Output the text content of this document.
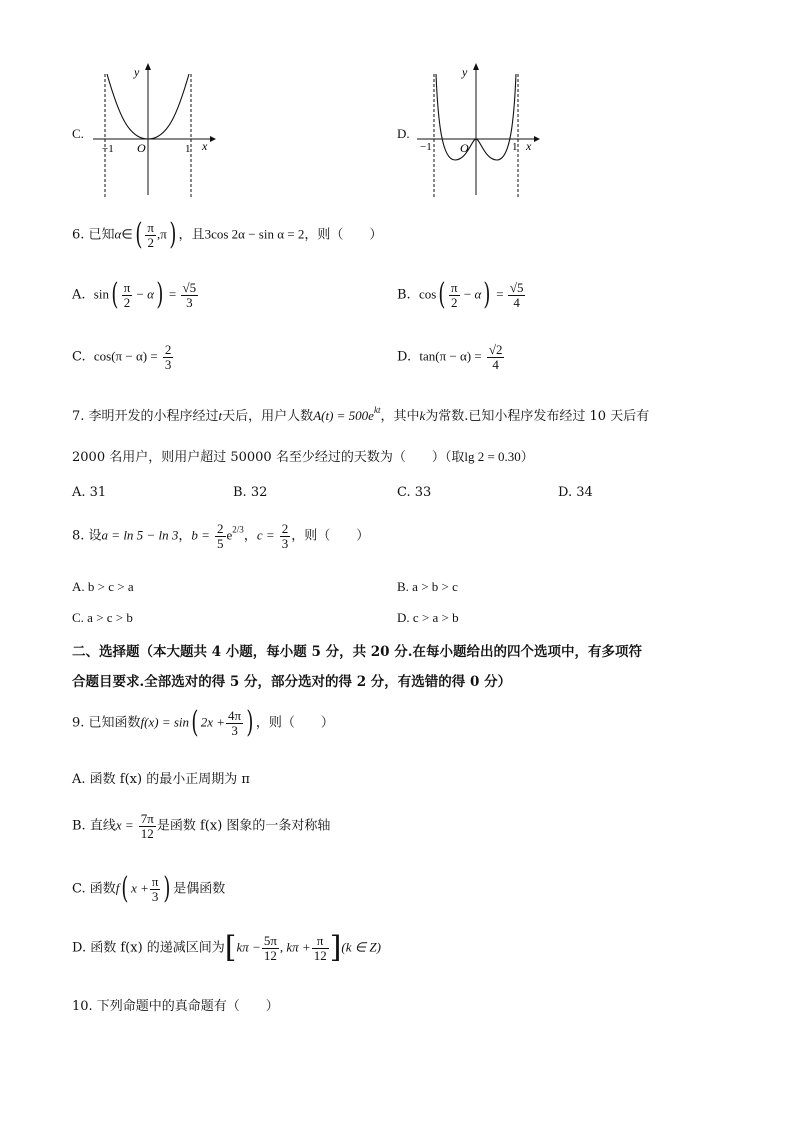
C.
y
x
O
−1	1
D.
y
x
O
−1	1
6. 已知α∈( $\frac{\pi}{2} ,\pi$) ，且3cos 2α − sin α = 2，则（　　）
A. $\sin( \frac{\pi}{2} - \alpha) = \frac{√5}{3}$	B. $\cos( \frac{\pi}{2} - \alpha) = \frac{√5}{4}$
C. $\cos(\pi - \alpha) = \frac{2}{3}$	D. $\tan(\pi - \alpha) = \frac{√2}{4}$
7. 李明开发的小程序经过t天后，用户人数$A(t) = 500e^{kt}$，其中k为常数.已知小程序发布经过 10 天后有
2000 名用户，则用户超过 50000 名至少经过的天数为（　　）（取lg 2 = 0.30）
A. 31	B. 32	C. 33	D. 34
8. 设a = ln 5 − ln 3，$b = \frac{2}{5} e^{2/3}$，$c = \frac{2}{3}$ ，则（　　）
A. b > c > a	B. a > b > c
C. a > c > b	D. c > a > b
二、选择题（本大题共 4 小题，每小题 5 分，共 20 分.在每小题给出的四个选项中，有多项符
合题目要求.全部选对的得 5 分，部分选对的得 2 分，有选错的得 0 分）
9. 已知函数f(x) = sin( $2x + \frac{4\pi}{3}$ ) ，则（　　）
A. 函数 f(x) 的最小正周期为 π
B. 直线$x = \frac{7\pi}{12}$ 是函数 f(x) 图象的一条对称轴
C. 函数f( $x + \frac{\pi}{3}$ ) 是偶函数
D. 函数 f(x) 的递减区间为[$k\pi - \frac{5\pi}{12}$ , $k\pi + \frac{\pi}{12} ](k$ ∈ Z)
10. 下列命题中的真命题有（　　）
